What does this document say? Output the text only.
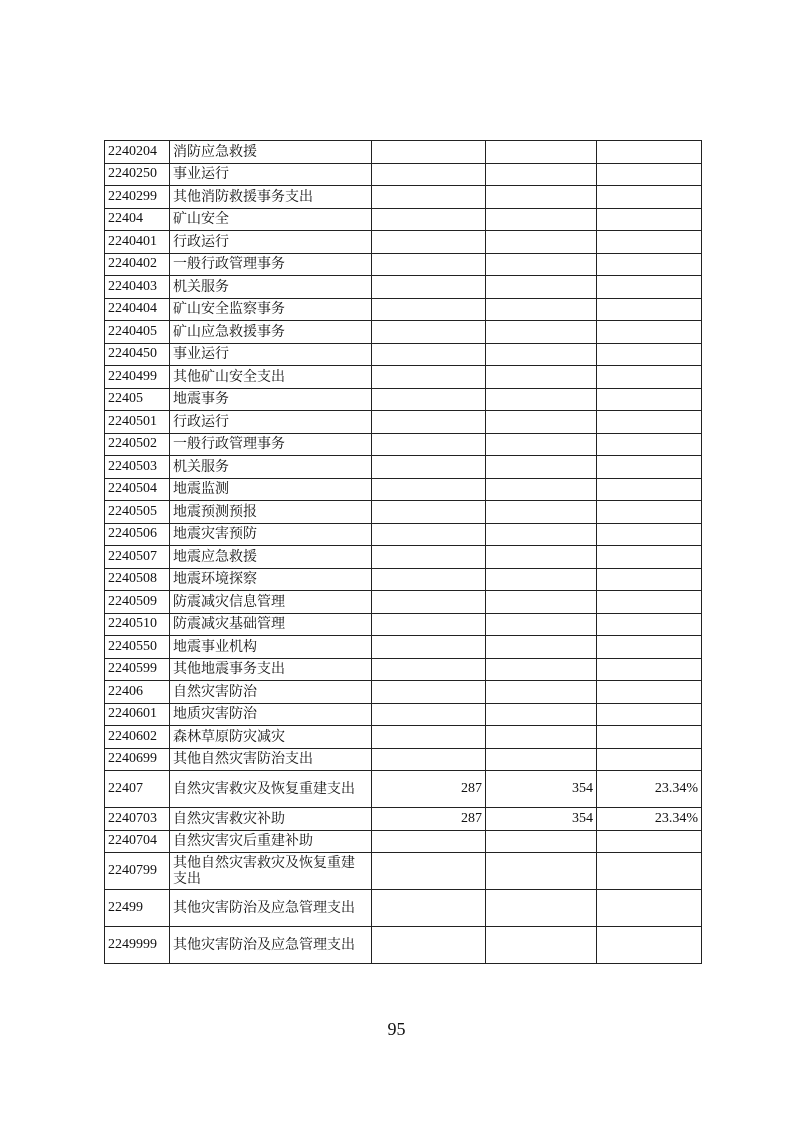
2240204	消防应急救援			
2240250	事业运行			
2240299	其他消防救援事务支出			
22404	矿山安全			
2240401	行政运行			
2240402	一般行政管理事务			
2240403	机关服务			
2240404	矿山安全监察事务			
2240405	矿山应急救援事务			
2240450	事业运行			
2240499	其他矿山安全支出			
22405	地震事务			
2240501	行政运行			
2240502	一般行政管理事务			
2240503	机关服务			
2240504	地震监测			
2240505	地震预测预报			
2240506	地震灾害预防			
2240507	地震应急救援			
2240508	地震环境探察			
2240509	防震减灾信息管理			
2240510	防震减灾基础管理			
2240550	地震事业机构			
2240599	其他地震事务支出			
22406	自然灾害防治			
2240601	地质灾害防治			
2240602	森林草原防灾减灾			
2240699	其他自然灾害防治支出			
22407	自然灾害救灾及恢复重建支出	287	354	23.34%
2240703	自然灾害救灾补助	287	354	23.34%
2240704	自然灾害灾后重建补助			
2240799	其他自然灾害救灾及恢复重建支出			
22499	其他灾害防治及应急管理支出			
2249999	其他灾害防治及应急管理支出			
95
